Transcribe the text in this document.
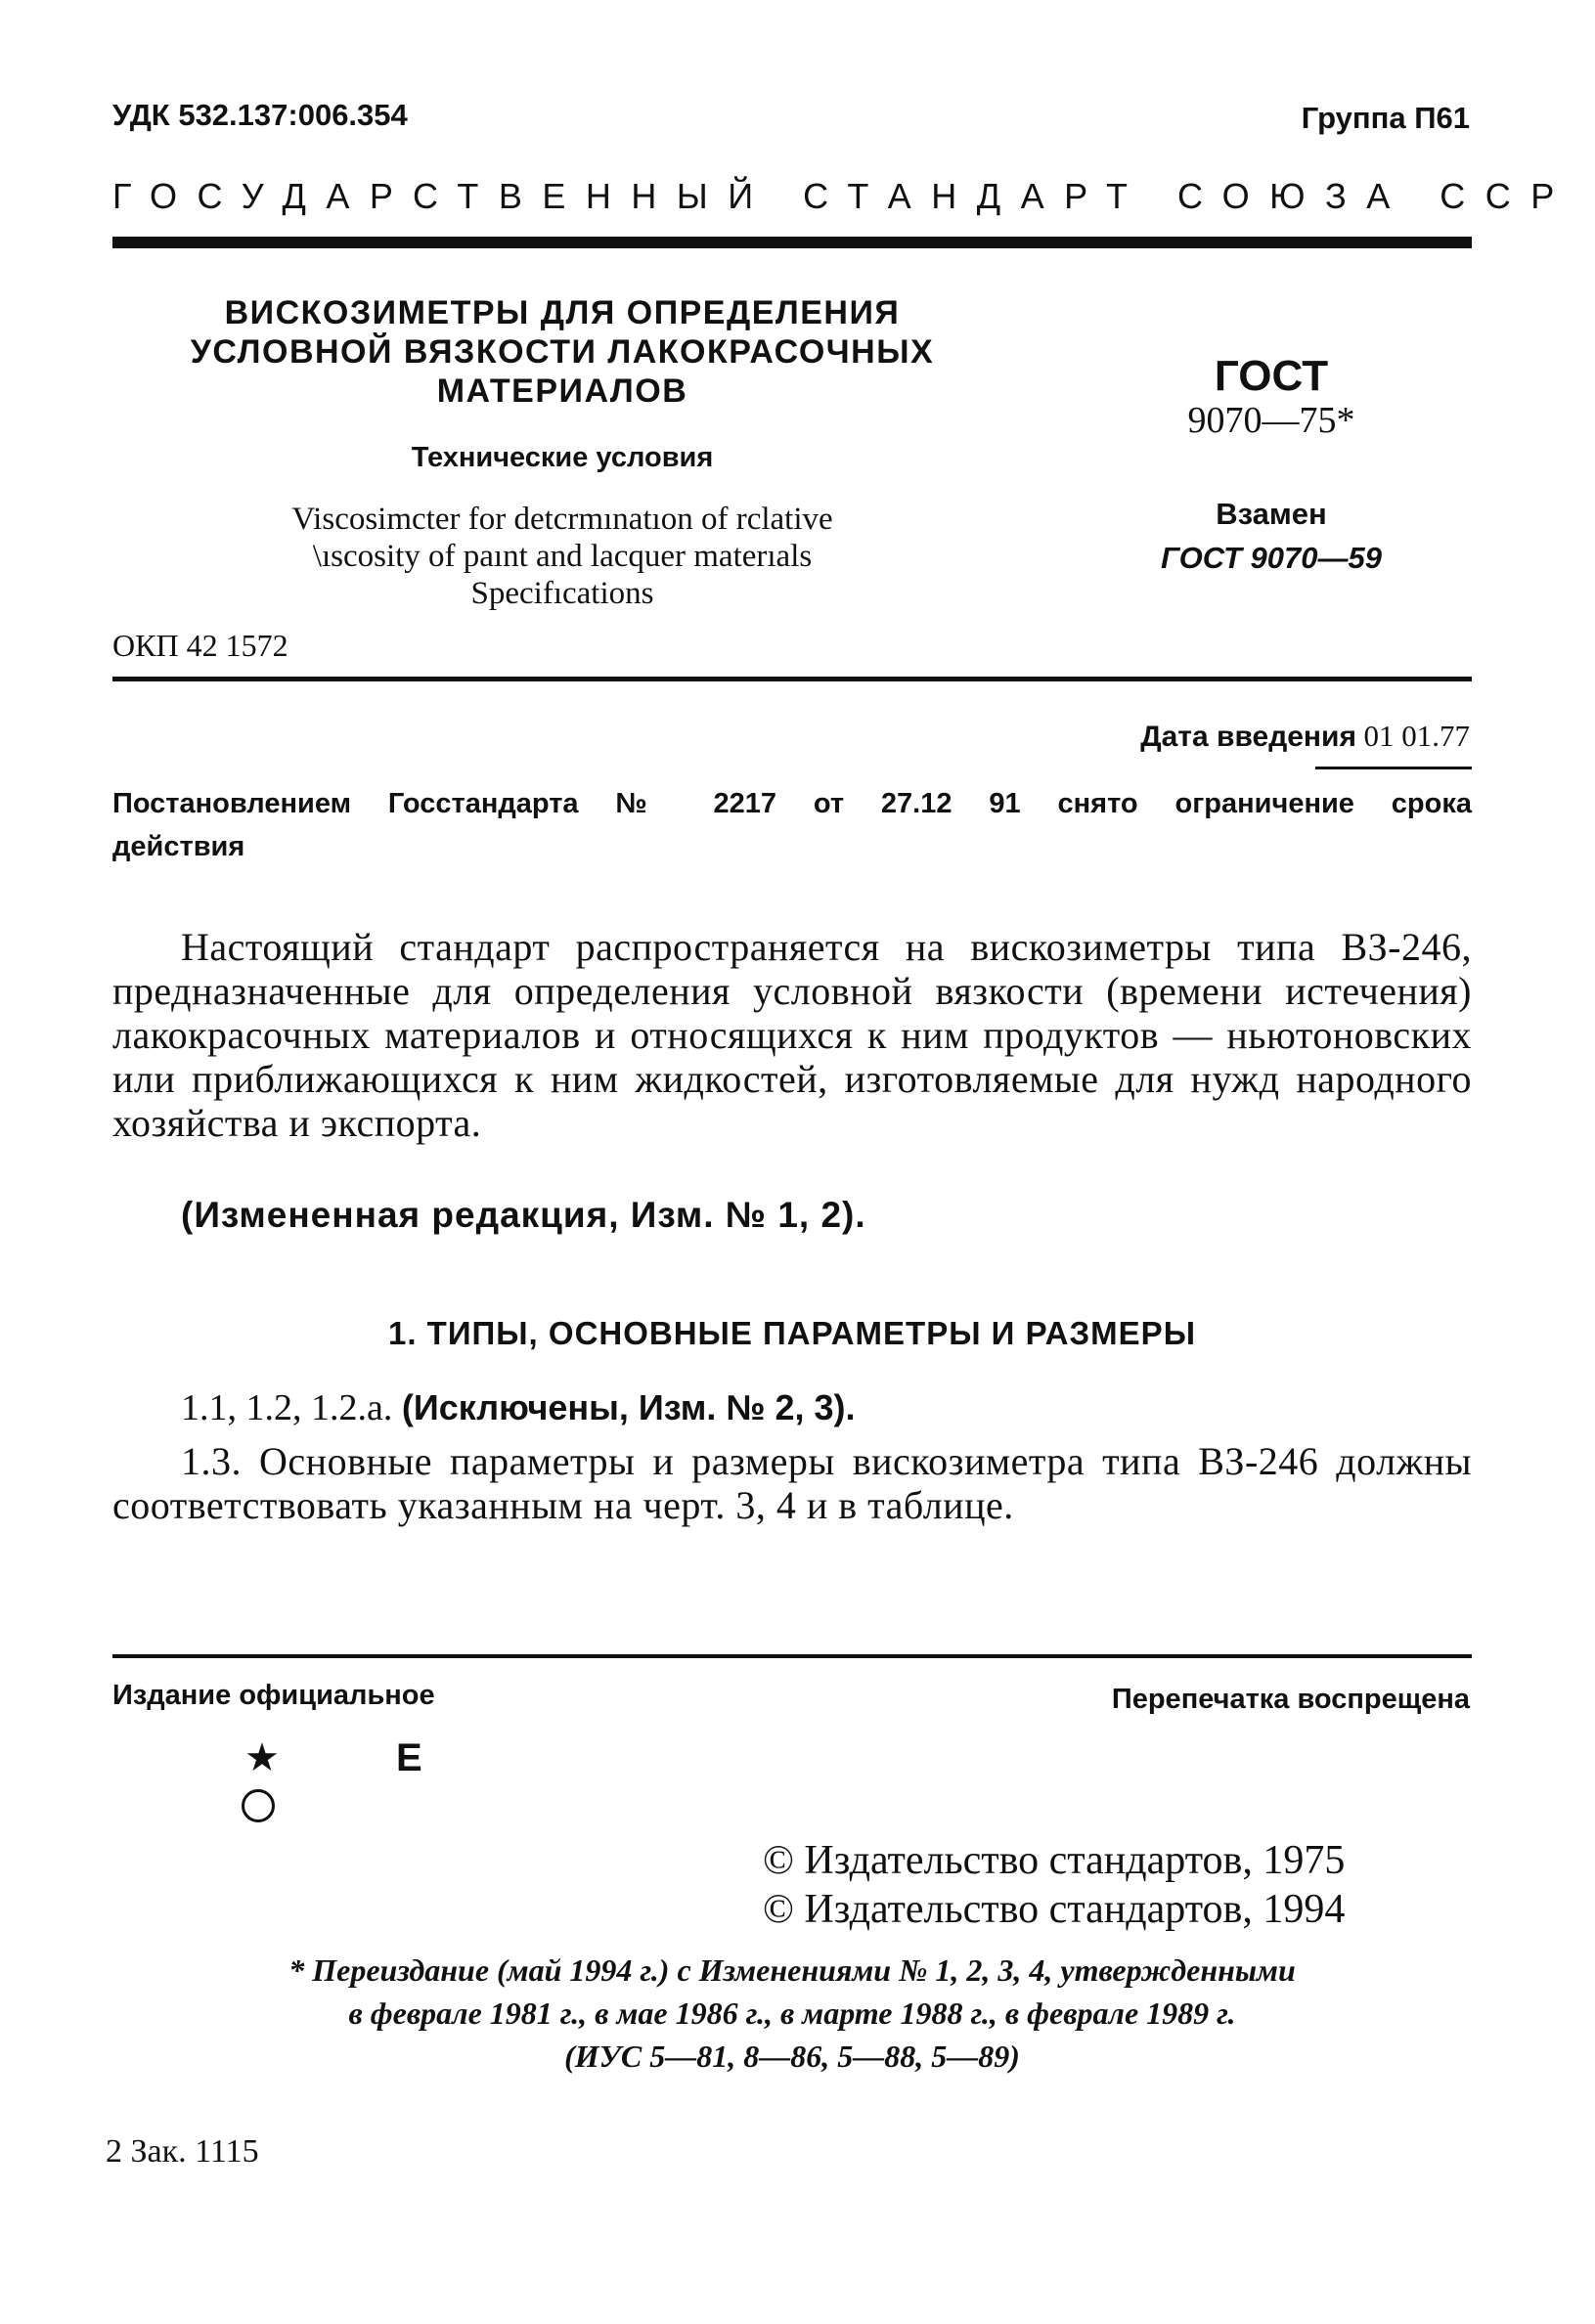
УДК 532.137:006.354	Группа П61
ГОСУДАРСТВЕННЫЙ СТАНДАРТ СОЮЗА ССР
ВИСКОЗИМЕТРЫ ДЛЯ ОПРЕДЕЛЕНИЯ
УСЛОВНОЙ ВЯЗКОСТИ ЛАКОКРАСОЧНЫХ
МАТЕРИАЛОВ
Технические условия
Viscosimcter for detcrmınatıon of rclative
\ıscosity of paınt and lacquer materıals
Specifıcations
ОКП 42 1572
ГОСТ
9070—75*
Взамен
ГОСТ 9070—59
Дата введения 01 01.77
Постановлением Госстандарта № 2217 от 27.12 91 снято ограничение срока
действия
Настоящий стандарт распространяется на вискозиметры типа ВЗ-246, предназначенные для определения условной вязкости (времени истечения) лакокрасочных материалов и относящихся к ним продуктов — ньютоновских или приближающихся к ним жидкостей, изготовляемые для нужд народного хозяйства и экспорта.
(Измененная редакция, Изм. № 1, 2).
1. ТИПЫ, ОСНОВНЫЕ ПАРАМЕТРЫ И РАЗМЕРЫ
1.1, 1.2, 1.2.а. (Исключены, Изм. № 2, 3).
1.3. Основные параметры и размеры вискозиметра типа ВЗ-246 должны соответствовать указанным на черт. 3, 4 и в таблице.
Издание официальное	Перепечатка воспрещена
★	Е
© Издательство стандартов, 1975
© Издательство стандартов, 1994
* Переиздание (май 1994 г.) с Изменениями № 1, 2, 3, 4, утвержденными
в феврале 1981 г., в мае 1986 г., в марте 1988 г., в феврале 1989 г.
(ИУС 5—81, 8—86, 5—88, 5—89)
2 Зак. 1115
